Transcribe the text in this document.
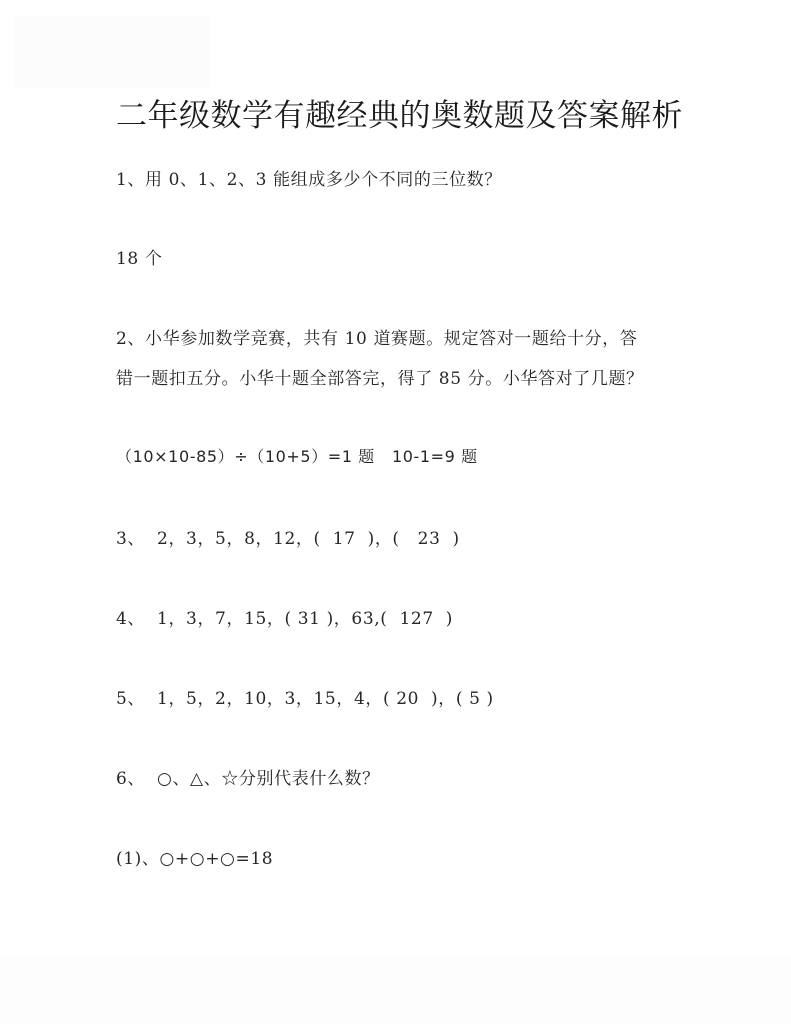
二年级数学有趣经典的奥数题及答案解析
1、用 0、1、2、3 能组成多少个不同的三位数？
18 个
2、小华参加数学竞赛，共有 10 道赛题。规定答对一题给十分，答
错一题扣五分。小华十题全部答完，得了 85 分。小华答对了几题？
（10×10-85）÷（10+5）=1 题   10-1=9 题
3、  2，3，5，8，12，(  17  )，(   23  )
4、  1，3，7，15，( 31 )，63,(  127  )
5、  1，5，2，10，3，15，4，( 20  )，( 5 )
6、  ○、△、☆分别代表什么数？
(1)、○+○+○=18
